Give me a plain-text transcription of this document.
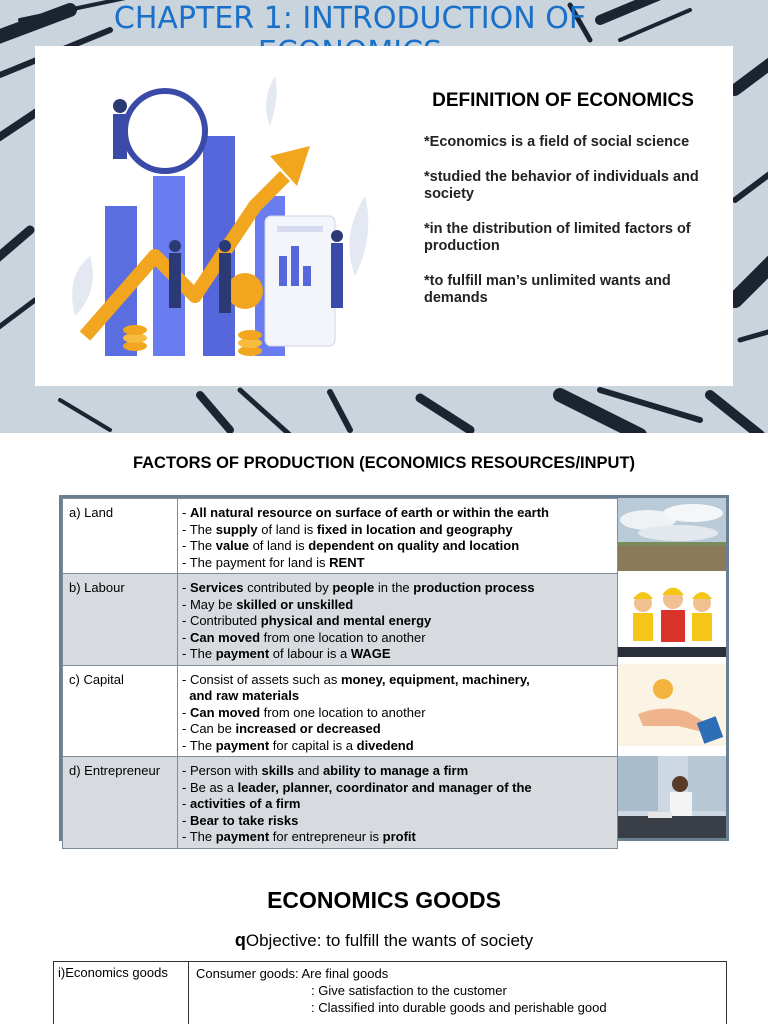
CHAPTER 1: INTRODUCTION OF
DEFINITION OF ECONOMICS
*Economics is a field of social science
*studied the behavior of individuals and society
*in the distribution of limited factors of production
*to fulfill man’s unlimited wants and demands
FACTORS OF PRODUCTION (ECONOMICS RESOURCES/INPUT)
a) Land	- All natural resource on surface of earth or within the earth
- The supply of land is fixed in location and geography
- The value of land is dependent on quality and location
- The payment for land is RENT

b) Labour	- Services contributed by people in the production process
- May be skilled or unskilled
- Contributed physical and mental energy
- Can moved from one location to another
- The payment of labour is a WAGE

c) Capital	- Consist of assets such as money, equipment, machinery,
and raw materials
- Can moved from one location to another
- Can be increased or decreased
- The payment for capital is a divedend

d) Entrepreneur	- Person with skills and ability to manage a firm
- Be as a leader, planner, coordinator and manager of the
- activities of a firm
- Bear to take risks
- The payment for entrepreneur is profit
ECONOMICS GOODS
qObjective: to fulfill the wants of society
i)Economics goods	Consumer goods: Are final goods
: Give satisfaction to the customer
: Classified into durable goods and perishable good
